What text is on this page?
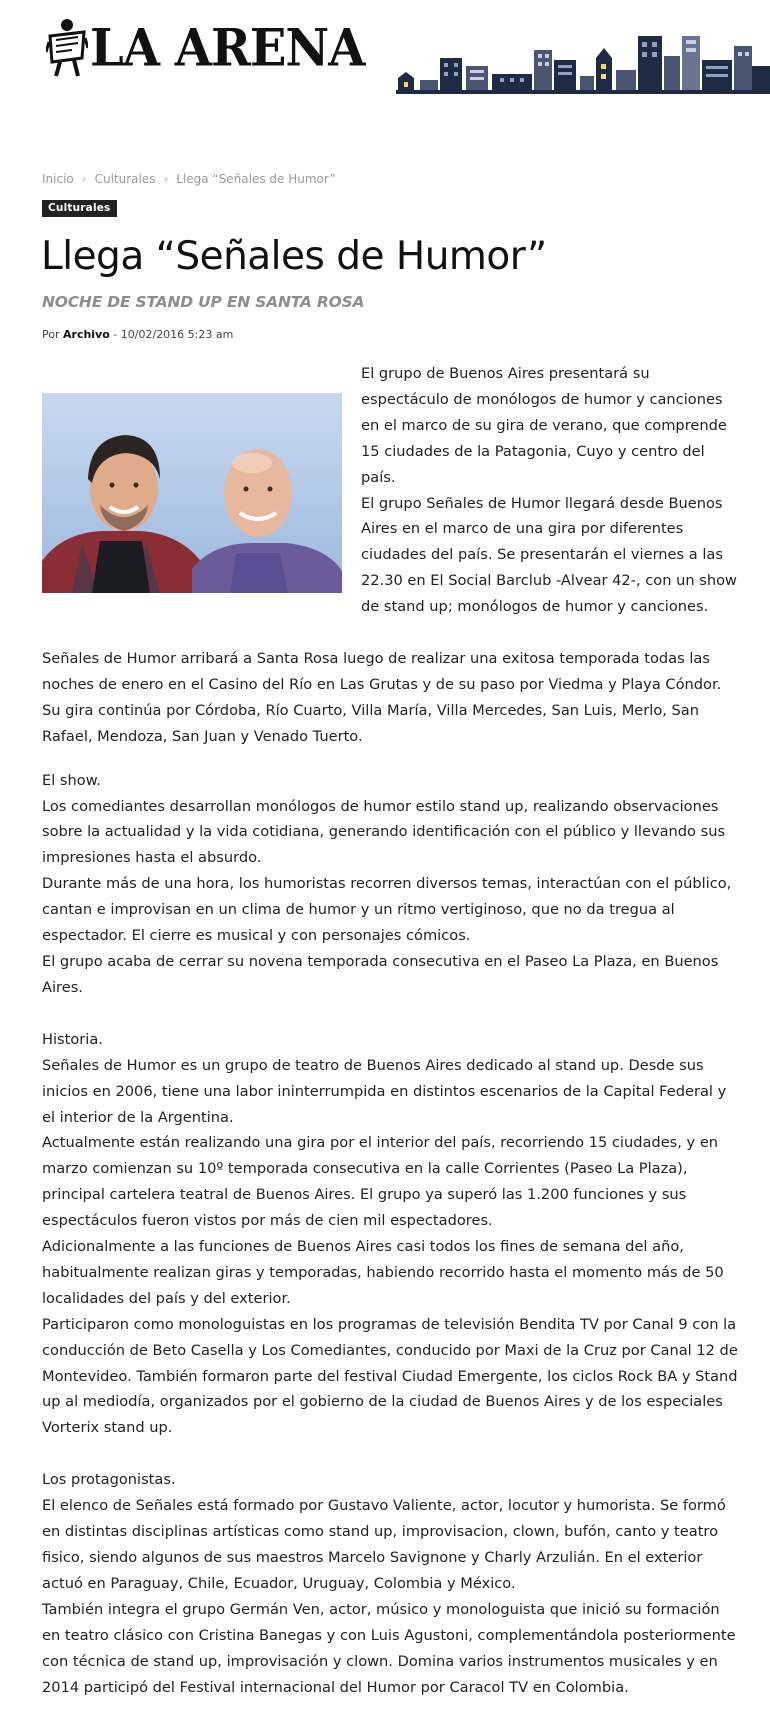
LA ARENA
Inicio › Culturales › Llega “Señales de Humor”
Culturales
Llega “Señales de Humor”
NOCHE DE STAND UP EN SANTA ROSA
Por Archivo - 10/02/2016 5:23 am

El grupo de Buenos Aires presentará su espectáculo de monólogos de humor y canciones en el marco de su gira de verano, que comprende 15 ciudades de la Patagonia, Cuyo y centro del país.

El grupo Señales de Humor llegará desde Buenos Aires en el marco de una gira por diferentes ciudades del país. Se presentarán el viernes a las 22.30 en El Social Barclub -Alvear 42-, con un show de stand up; monólogos de humor y canciones.

Señales de Humor arribará a Santa Rosa luego de realizar una exitosa temporada todas las noches de enero en el Casino del Río en Las Grutas y de su paso por Viedma y Playa Cóndor. Su gira continúa por Córdoba, Río Cuarto, Villa María, Villa Mercedes, San Luis, Merlo, San Rafael, Mendoza, San Juan y Venado Tuerto.

El show.

Los comediantes desarrollan monólogos de humor estilo stand up, realizando observaciones sobre la actualidad y la vida cotidiana, generando identificación con el público y llevando sus impresiones hasta el absurdo.

Durante más de una hora, los humoristas recorren diversos temas, interactúan con el público, cantan e improvisan en un clima de humor y un ritmo vertiginoso, que no da tregua al espectador. El cierre es musical y con personajes cómicos.

El grupo acaba de cerrar su novena temporada consecutiva en el Paseo La Plaza, en Buenos Aires.

Historia.

Señales de Humor es un grupo de teatro de Buenos Aires dedicado al stand up. Desde sus inicios en 2006, tiene una labor ininterrumpida en distintos escenarios de la Capital Federal y el interior de la Argentina.

Actualmente están realizando una gira por el interior del país, recorriendo 15 ciudades, y en marzo comienzan su 10º temporada consecutiva en la calle Corrientes (Paseo La Plaza), principal cartelera teatral de Buenos Aires. El grupo ya superó las 1.200 funciones y sus espectáculos fueron vistos por más de cien mil espectadores.

Adicionalmente a las funciones de Buenos Aires casi todos los fines de semana del año, habitualmente realizan giras y temporadas, habiendo recorrido hasta el momento más de 50 localidades del país y del exterior.

Participaron como monologuistas en los programas de televisión Bendita TV por Canal 9 con la conducción de Beto Casella y Los Comediantes, conducido por Maxi de la Cruz por Canal 12 de Montevideo. También formaron parte del festival Ciudad Emergente, los ciclos Rock BA y Stand up al mediodía, organizados por el gobierno de la ciudad de Buenos Aires y de los especiales Vorterix stand up.

Los protagonistas.

El elenco de Señales está formado por Gustavo Valiente, actor, locutor y humorista. Se formó en distintas disciplinas artísticas como stand up, improvisacion, clown, bufón, canto y teatro fisico, siendo algunos de sus maestros Marcelo Savignone y Charly Arzulián. En el exterior actuó en Paraguay, Chile, Ecuador, Uruguay, Colombia y México.

También integra el grupo Germán Ven, actor, músico y monologuista que inició su formación en teatro clásico con Cristina Banegas y con Luis Agustoni, complementándola posteriormente con técnica de stand up, improvisación y clown. Domina varios instrumentos musicales y en 2014 participó del Festival internacional del Humor por Caracol TV en Colombia.
